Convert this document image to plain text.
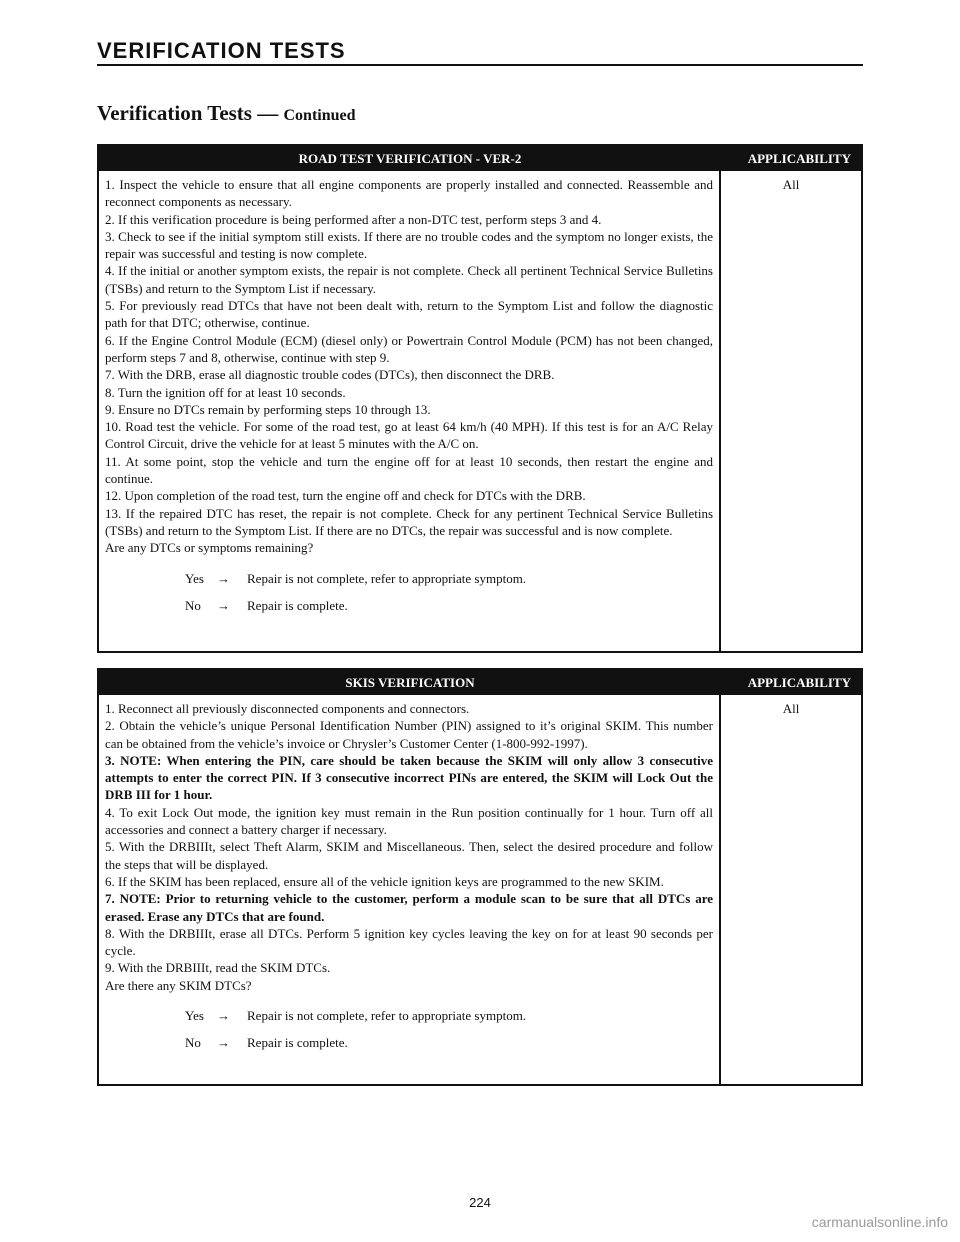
VERIFICATION TESTS
Verification Tests — Continued
ROAD TEST VERIFICATION - VER-2	APPLICABILITY

1. Inspect the vehicle to ensure that all engine components are properly installed and connected. Reassemble and reconnect components as necessary.

2. If this verification procedure is being performed after a non-DTC test, perform steps 3 and 4.

3. Check to see if the initial symptom still exists. If there are no trouble codes and the symptom no longer exists, the repair was successful and testing is now complete.

4. If the initial or another symptom exists, the repair is not complete. Check all pertinent Technical Service Bulletins (TSBs) and return to the Symptom List if necessary.

5. For previously read DTCs that have not been dealt with, return to the Symptom List and follow the diagnostic path for that DTC; otherwise, continue.

6. If the Engine Control Module (ECM) (diesel only) or Powertrain Control Module (PCM) has not been changed, perform steps 7 and 8, otherwise, continue with step 9.

7. With the DRB, erase all diagnostic trouble codes (DTCs), then disconnect the DRB.

8. Turn the ignition off for at least 10 seconds.

9. Ensure no DTCs remain by performing steps 10 through 13.

10. Road test the vehicle. For some of the road test, go at least 64 km/h (40 MPH). If this test is for an A/C Relay Control Circuit, drive the vehicle for at least 5 minutes with the A/C on.

11. At some point, stop the vehicle and turn the engine off for at least 10 seconds, then restart the engine and continue.

12. Upon completion of the road test, turn the engine off and check for DTCs with the DRB.

13. If the repaired DTC has reset, the repair is not complete. Check for any pertinent Technical Service Bulletins (TSBs) and return to the Symptom List. If there are no DTCs, the repair was successful and is now complete.

Are any DTCs or symptoms remaining?

Yes	→	Repair is not complete, refer to appropriate symptom.
No	→	Repair is complete.
All
SKIS VERIFICATION	APPLICABILITY

1. Reconnect all previously disconnected components and connectors.

2. Obtain the vehicle’s unique Personal Identification Number (PIN) assigned to it’s original SKIM. This number can be obtained from the vehicle’s invoice or Chrysler’s Customer Center (1-800-992-1997).

3. NOTE: When entering the PIN, care should be taken because the SKIM will only allow 3 consecutive attempts to enter the correct PIN. If 3 consecutive incorrect PINs are entered, the SKIM will Lock Out the DRB III for 1 hour.

4. To exit Lock Out mode, the ignition key must remain in the Run position continually for 1 hour. Turn off all accessories and connect a battery charger if necessary.

5. With the DRBIIIt, select Theft Alarm, SKIM and Miscellaneous. Then, select the desired procedure and follow the steps that will be displayed.

6. If the SKIM has been replaced, ensure all of the vehicle ignition keys are programmed to the new SKIM.

7. NOTE: Prior to returning vehicle to the customer, perform a module scan to be sure that all DTCs are erased. Erase any DTCs that are found.

8. With the DRBIIIt, erase all DTCs. Perform 5 ignition key cycles leaving the key on for at least 90 seconds per cycle.

9. With the DRBIIIt, read the SKIM DTCs.

Are there any SKIM DTCs?

Yes	→	Repair is not complete, refer to appropriate symptom.
No	→	Repair is complete.
All
224
carmanualsonline.info
